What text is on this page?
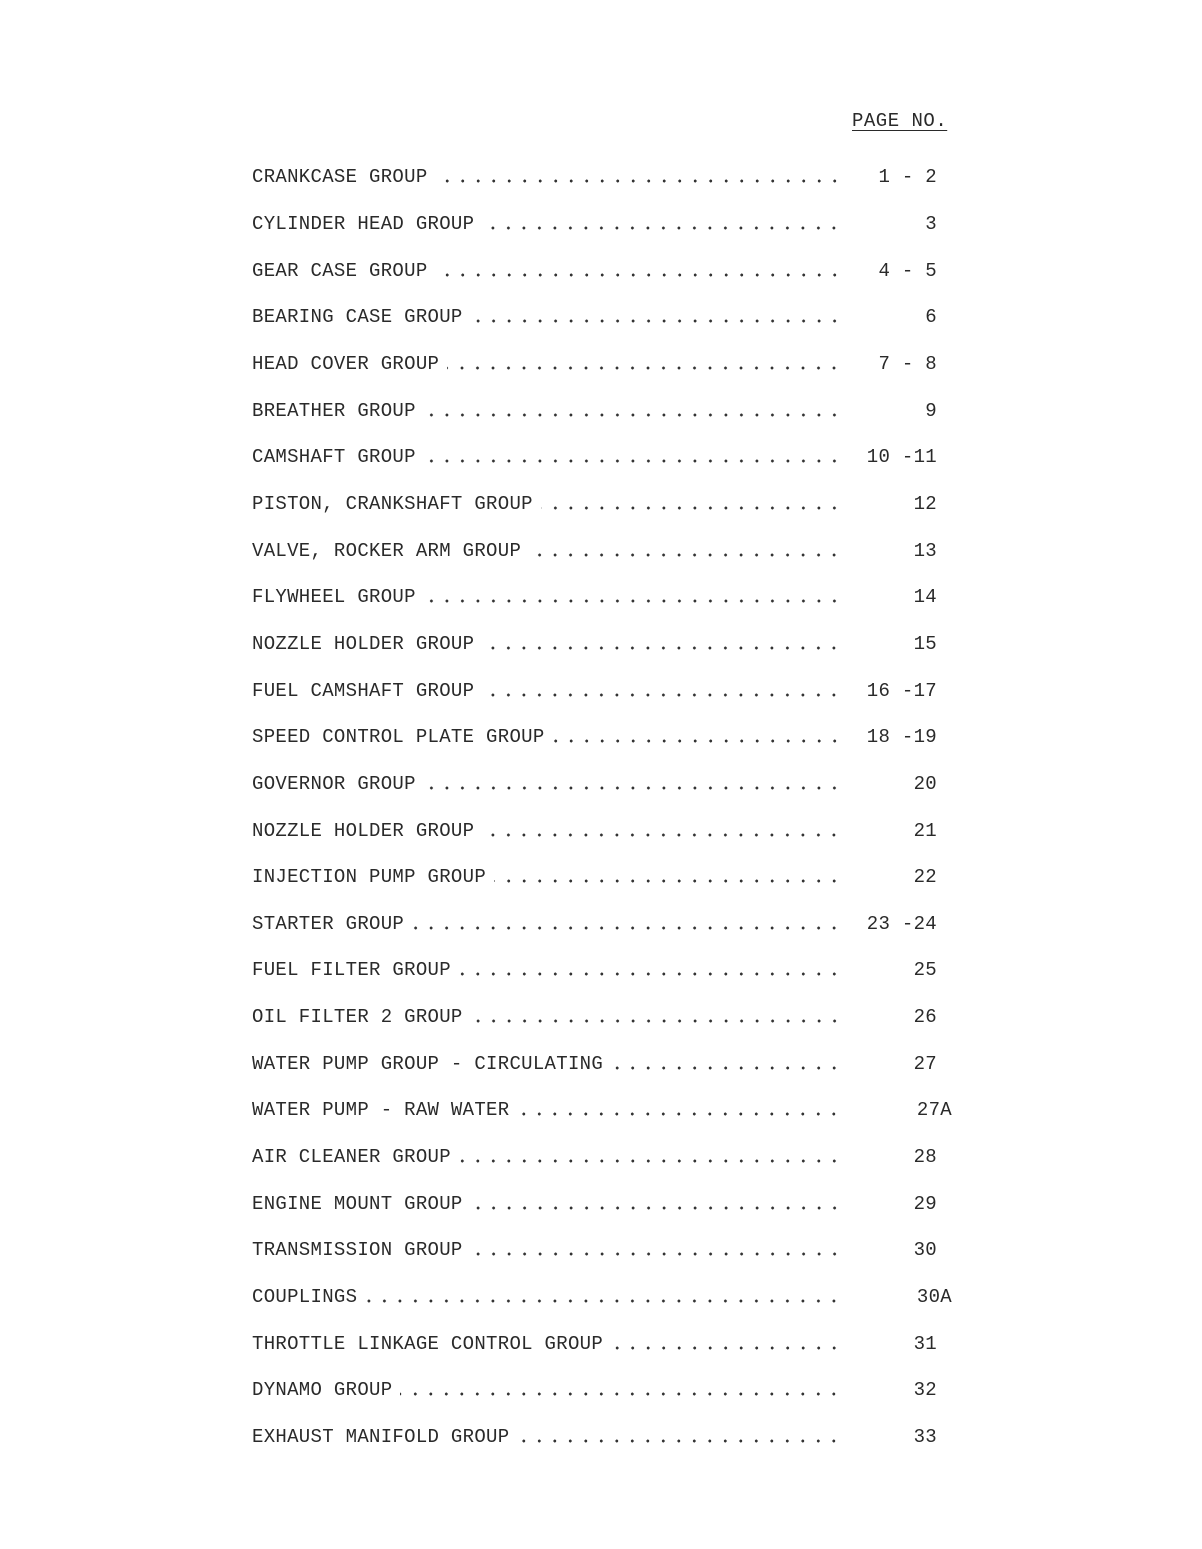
PAGE NO.
CRANKCASE GROUP	1 - 2
CYLINDER HEAD GROUP	3
GEAR CASE GROUP	4 - 5
BEARING CASE GROUP	6
HEAD COVER GROUP	7 - 8
BREATHER GROUP	9
CAMSHAFT GROUP	10 -11
PISTON, CRANKSHAFT GROUP	12
VALVE, ROCKER ARM GROUP	13
FLYWHEEL GROUP	14
NOZZLE HOLDER GROUP	15
FUEL CAMSHAFT GROUP	16 -17
SPEED CONTROL PLATE GROUP	18 -19
GOVERNOR GROUP	20
NOZZLE HOLDER GROUP	21
INJECTION PUMP GROUP	22
STARTER GROUP	23 -24
FUEL FILTER GROUP	25
OIL FILTER 2 GROUP	26
WATER PUMP GROUP - CIRCULATING	27
WATER PUMP - RAW WATER	27A
AIR CLEANER GROUP	28
ENGINE MOUNT GROUP	29
TRANSMISSION GROUP	30
COUPLINGS	30A
THROTTLE LINKAGE CONTROL GROUP	31
DYNAMO GROUP	32
EXHAUST MANIFOLD GROUP	33
